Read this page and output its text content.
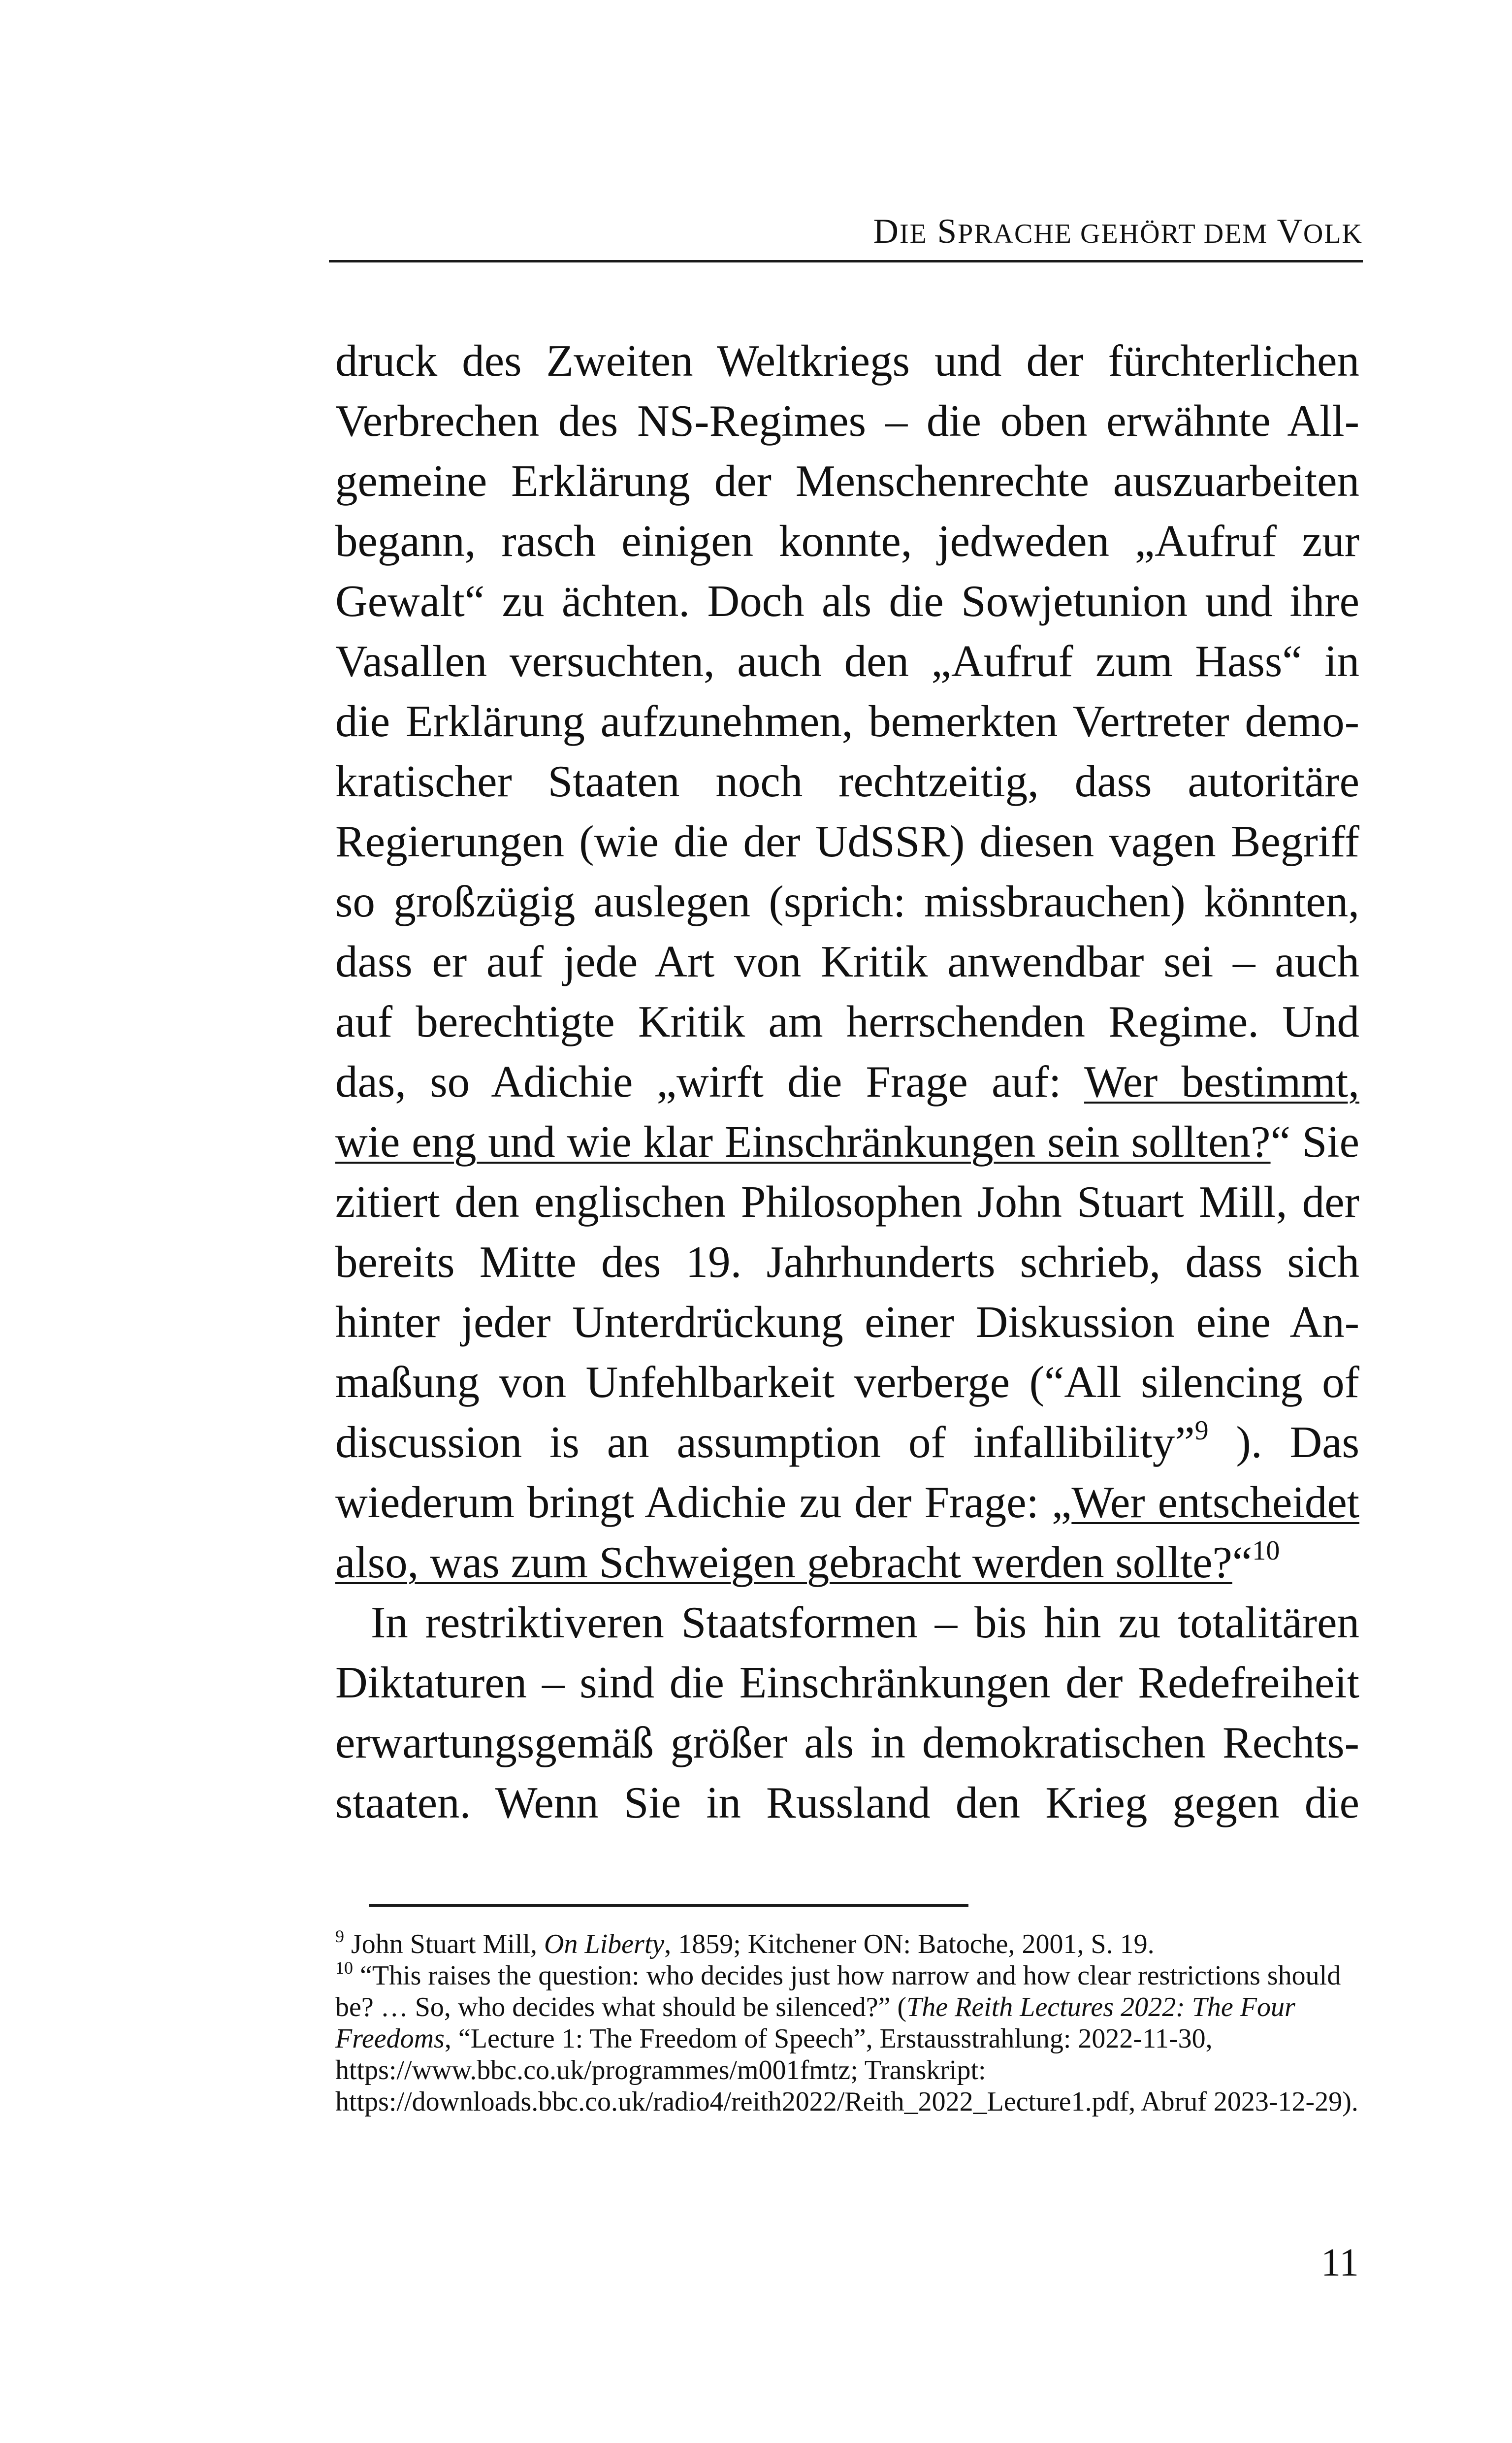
DIE SPRACHE GEHÖRT DEM VOLK
druck des Zweiten Weltkriegs und der fürchterlichen
Verbrechen des NS-Regimes – die oben erwähnte All-
gemeine Erklärung der Menschenrechte auszuarbeiten
begann, rasch einigen konnte, jedweden „Aufruf zur
Gewalt“ zu ächten. Doch als die Sowjetunion und ihre
Vasallen versuchten, auch den „Aufruf zum Hass“ in
die Erklärung aufzunehmen, bemerkten Vertreter demo-
kratischer Staaten noch rechtzeitig, dass autoritäre
Regierungen (wie die der UdSSR) diesen vagen Begriff
so großzügig auslegen (sprich: missbrauchen) könnten,
dass er auf jede Art von Kritik anwendbar sei – auch
auf berechtigte Kritik am herrschenden Regime. Und
das, so Adichie „wirft die Frage auf: Wer bestimmt,
wie eng und wie klar Einschränkungen sein sollten?“ Sie
zitiert den englischen Philosophen John Stuart Mill, der
bereits Mitte des 19. Jahrhunderts schrieb, dass sich
hinter jeder Unterdrückung einer Diskussion eine An-
maßung von Unfehlbarkeit verberge (“All silencing of
discussion is an assumption of infallibility”$^9$ ). Das
wiederum bringt Adichie zu der Frage: „Wer entscheidet
also, was zum Schweigen gebracht werden sollte?“$^{10}$
In restriktiveren Staatsformen – bis hin zu totalitären
Diktaturen – sind die Einschränkungen der Redefreiheit
erwartungsgemäß größer als in demokratischen Rechts-
staaten. Wenn Sie in Russland den Krieg gegen die
$^9$ John Stuart Mill, On Liberty, 1859; Kitchener ON: Batoche, 2001, S. 19.
$^{10}$ “This raises the question: who decides just how narrow and how clear restrictions should
be? … So, who decides what should be silenced?” (The Reith Lectures 2022: The Four
Freedoms, “Lecture 1: The Freedom of Speech”, Erstausstrahlung: 2022-11-30,
https://www.bbc.co.uk/programmes/m001fmtz; Transkript:
https://downloads.bbc.co.uk/radio4/reith2022/Reith_2022_Lecture1.pdf, Abruf 2023-12-29).
11
